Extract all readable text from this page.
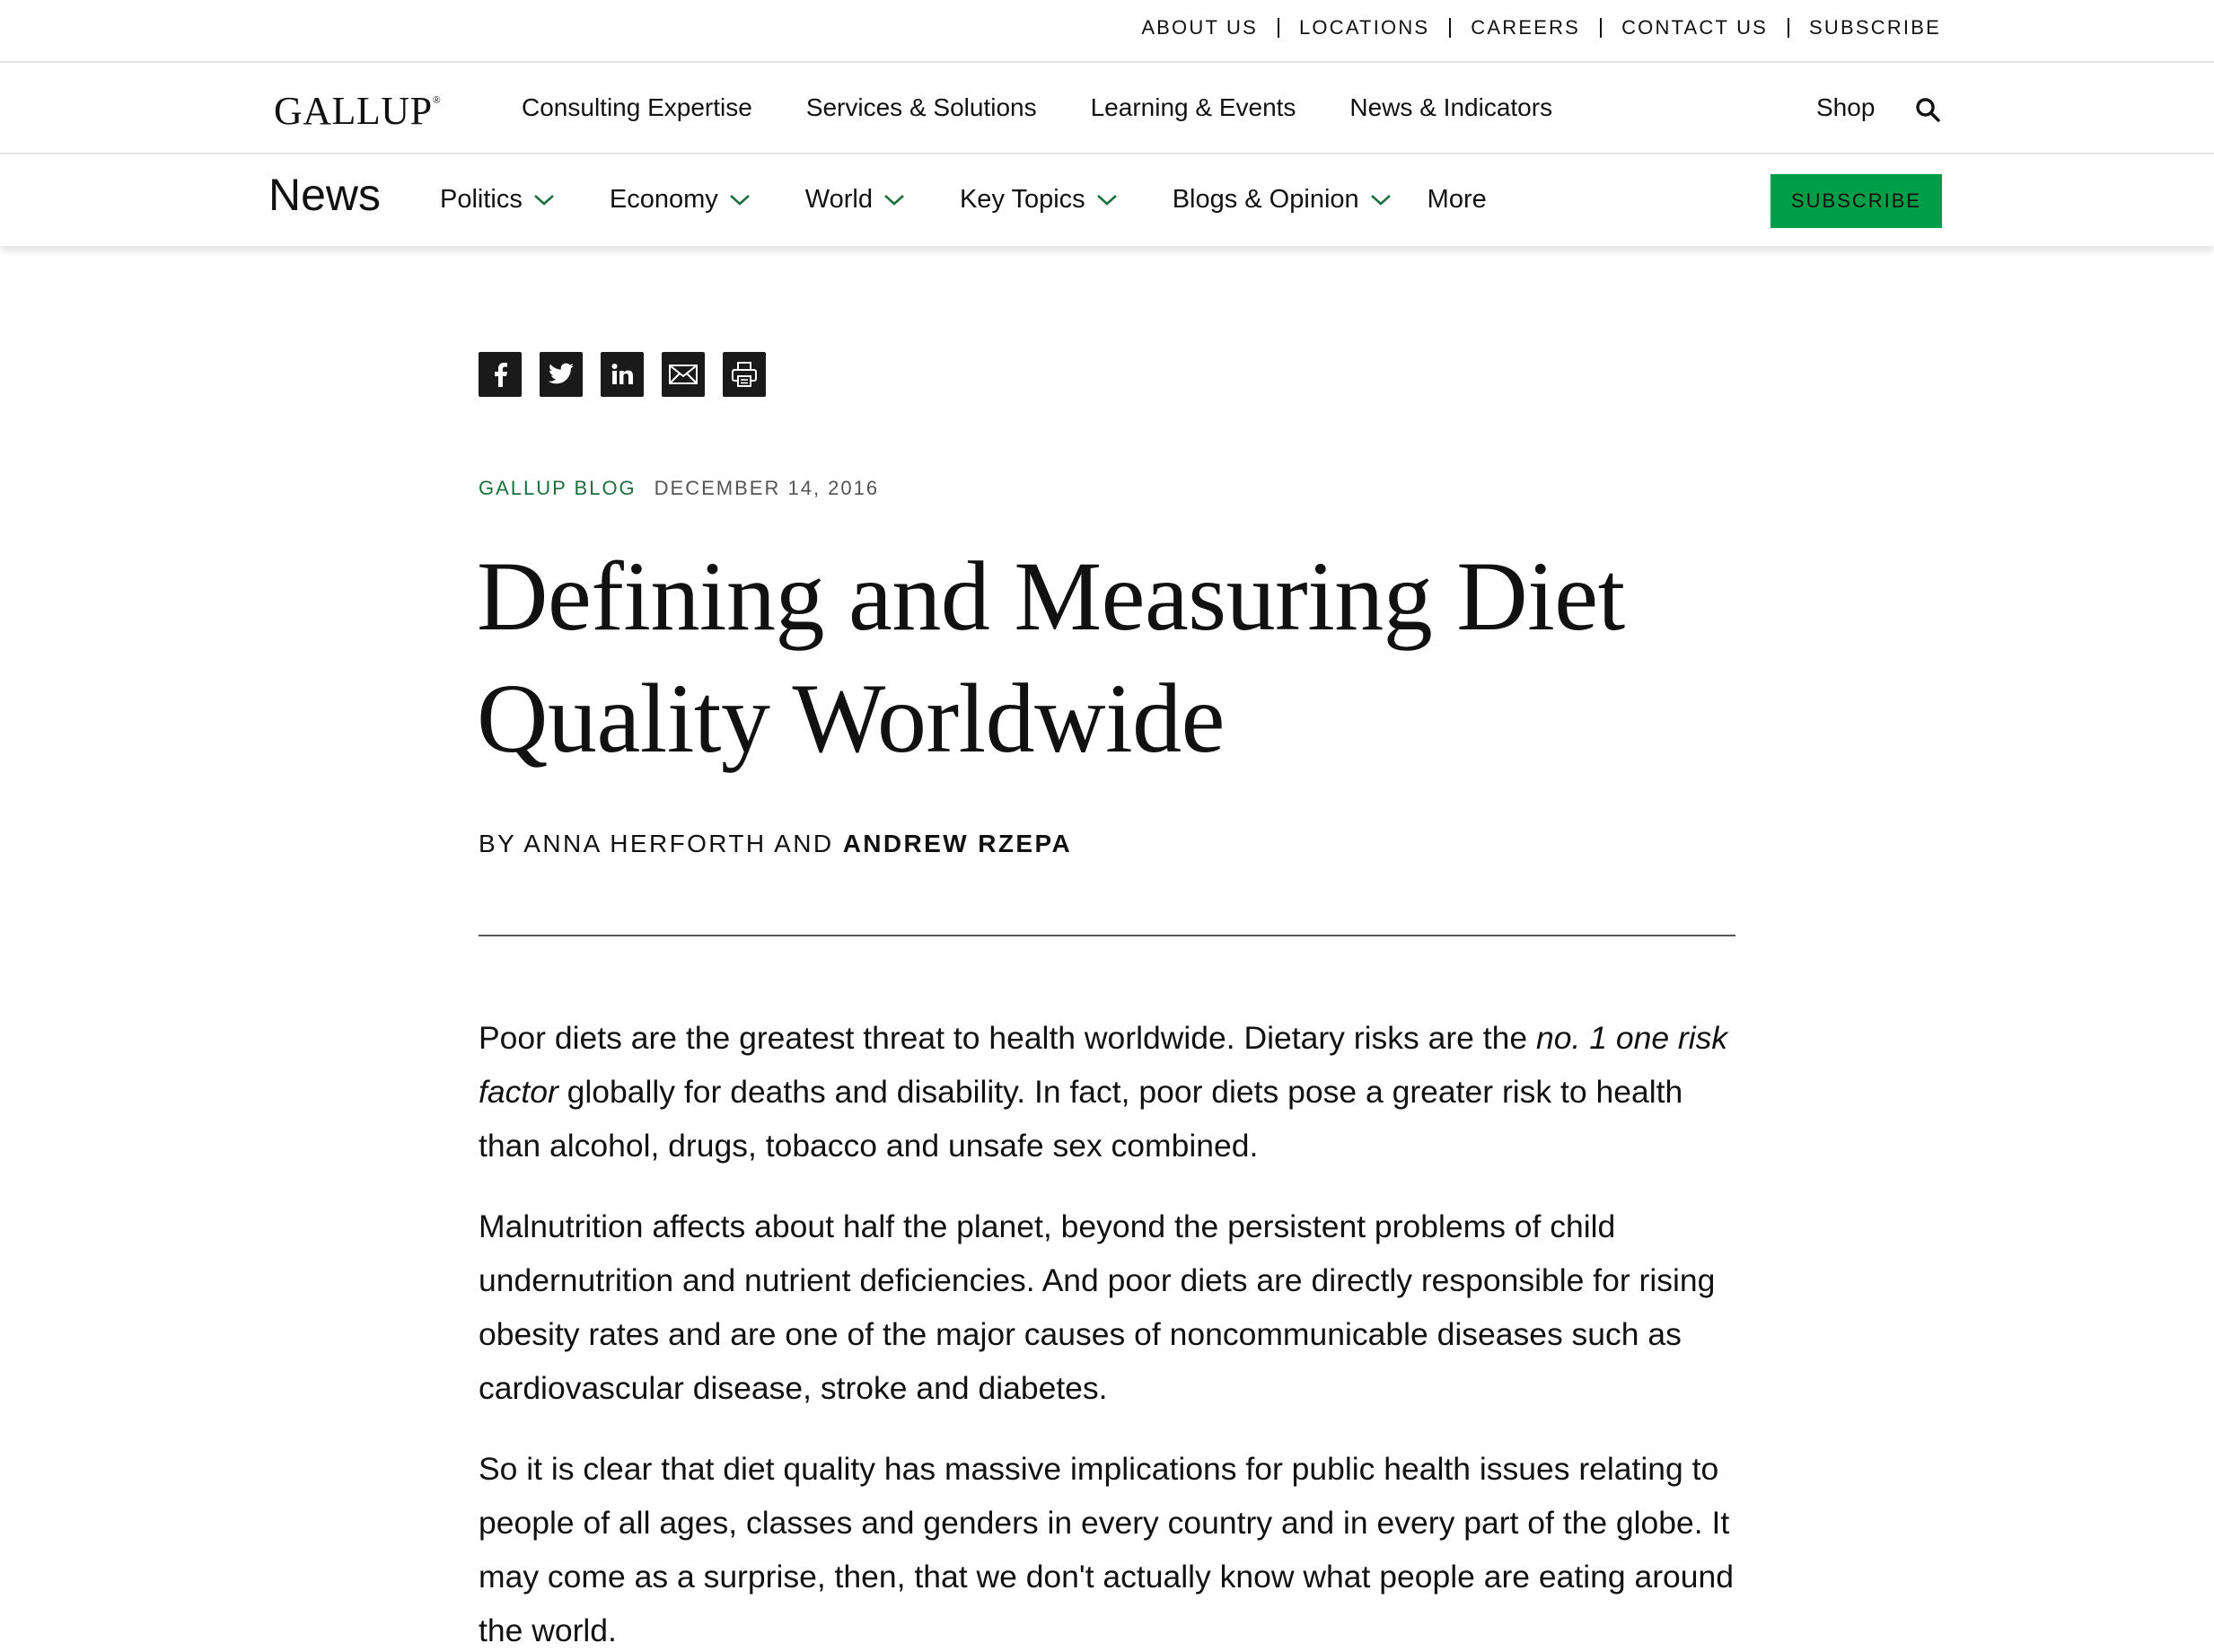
ABOUT US LOCATIONS CAREERS CONTACT US SUBSCRIBE
GALLUP®	Consulting Expertise Services & Solutions Learning & Events News & Indicators	Shop
News Politics	Economy	World	Key Topics	Blogs & Opinion	More	SUBSCRIBE
GALLUP BLOG DECEMBER 14, 2016
Defining and Measuring Diet Quality Worldwide
BY ANNA HERFORTH AND ANDREW RZEPA

Poor diets are the greatest threat to health worldwide. Dietary risks are the no. 1 one risk factor globally for deaths and disability. In fact, poor diets pose a greater risk to health than alcohol, drugs, tobacco and unsafe sex combined.

Malnutrition affects about half the planet, beyond the persistent problems of child undernutrition and nutrient deficiencies. And poor diets are directly responsible for rising obesity rates and are one of the major causes of noncommunicable diseases such as cardiovascular disease, stroke and diabetes.

So it is clear that diet quality has massive implications for public health issues relating to people of all ages, classes and genders in every country and in every part of the globe. It may come as a surprise, then, that we don't actually know what people are eating around the world.
